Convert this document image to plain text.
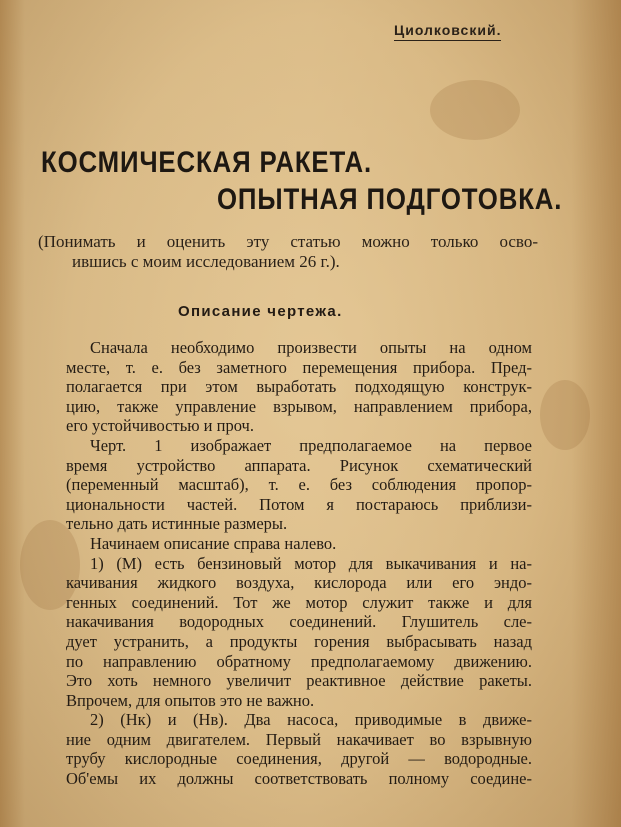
Циолковский.
КОСМИЧЕСКАЯ РАКЕТА.
ОПЫТНАЯ ПОДГОТОВКА.
(Понимать и оценить эту статью можно только осво-
ившись с моим исследованием 26 г.).
Описание чертежа.
Сначала необходимо произвести опыты на одном
месте, т. е. без заметного перемещения прибора. Пред-
полагается при этом выработать подходящую конструк-
цию, также управление взрывом, направлением прибора,
его устойчивостью и проч.
Черт. 1 изображает предполагаемое на первое
время устройство аппарата. Рисунок схематический
(переменный масштаб), т. е. без соблюдения пропор-
циональности частей. Потом я постараюсь приблизи-
тельно дать истинные размеры.
Начинаем описание справа налево.
1) (М) есть бензиновый мотор для выкачивания и на-
качивания жидкого воздуха, кислорода или его эндо-
генных соединений. Тот же мотор служит также и для
накачивания водородных соединений. Глушитель сле-
дует устранить, а продукты горения выбрасывать назад
по направлению обратному предполагаемому движению.
Это хоть немного увеличит реактивное действие ракеты.
Впрочем, для опытов это не важно.
2) (Нк) и (Нв). Два насоса, приводимые в движе-
ние одним двигателем. Первый накачивает во взрывную
трубу кислородные соединения, другой — водородные.
Об'емы их должны соответствовать полному соедине-
